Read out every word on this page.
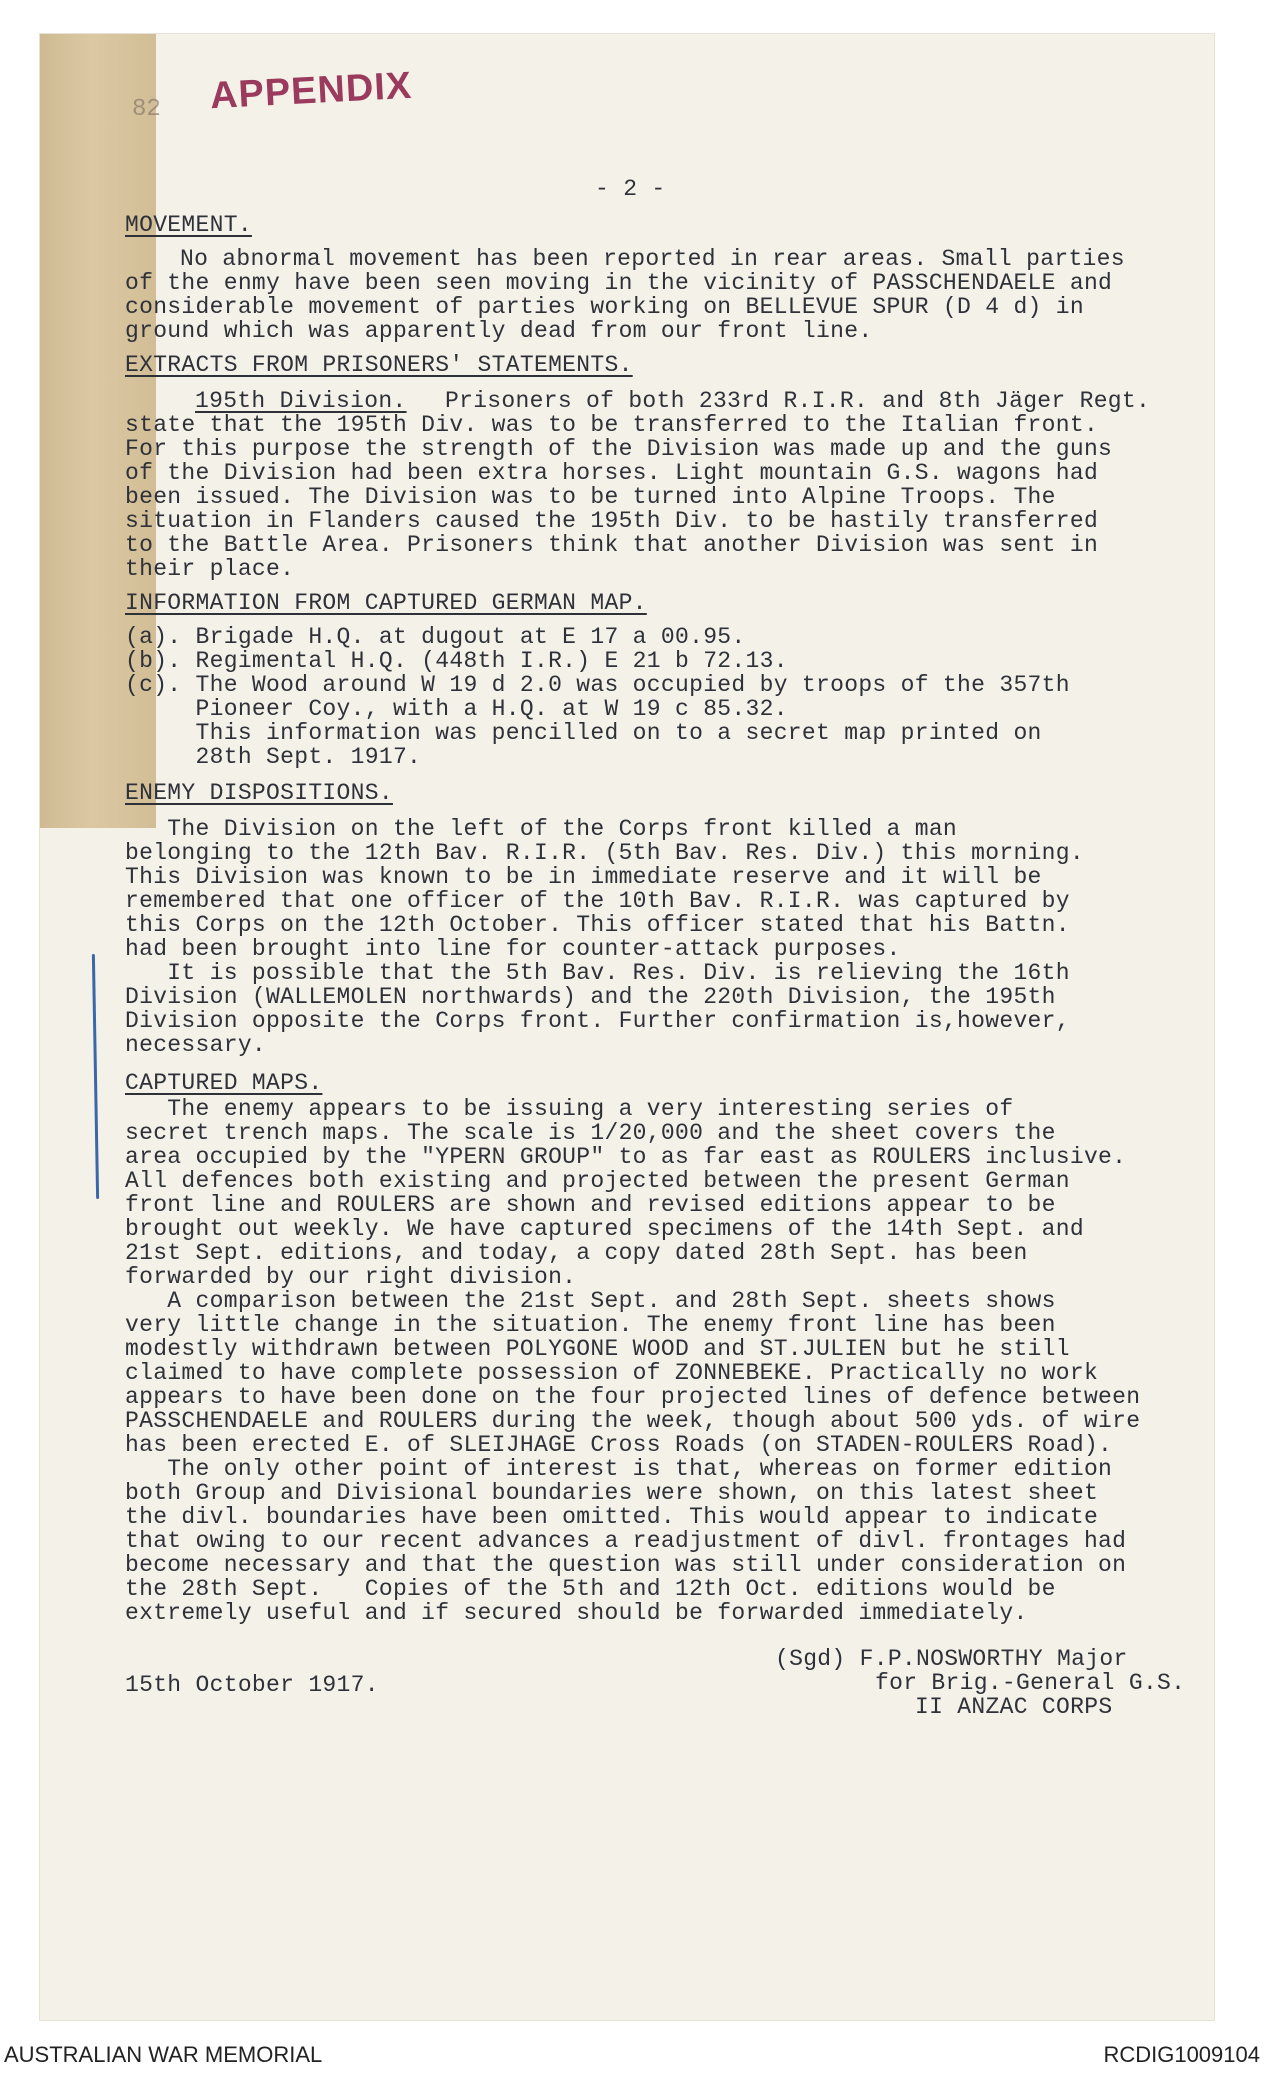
82 APPENDIX

- 2 -

MOVEMENT.

No abnormal movement has been reported in rear areas. Small parties

of the enmy have been seen moving in the vicinity of PASSCHENDAELE and

considerable movement of parties working on BELLEVUE SPUR (D 4 d) in

ground which was apparently dead from our front line.

EXTRACTS FROM PRISONERS' STATEMENTS.

195th Division.

Prisoners of both 233rd R.I.R. and 8th Jäger Regt.

state that the 195th Div. was to be transferred to the Italian front.

For this purpose the strength of the Division was made up and the guns

of the Division had been extra horses. Light mountain G.S. wagons had

been issued. The Division was to be turned into Alpine Troops. The

situation in Flanders caused the 195th Div. to be hastily transferred

to the Battle Area. Prisoners think that another Division was sent in

their place.

INFORMATION FROM CAPTURED GERMAN MAP.

(a). Brigade H.Q. at dugout at E 17 a 00.95.

(b). Regimental H.Q. (448th I.R.) E 21 b 72.13.

(c). The Wood around W 19 d 2.0 was occupied by troops of the 357th

Pioneer Coy., with a H.Q. at W 19 c 85.32.

This information was pencilled on to a secret map printed on

28th Sept. 1917.

ENEMY DISPOSITIONS.

The Division on the left of the Corps front killed a man

belonging to the 12th Bav. R.I.R. (5th Bav. Res. Div.) this morning.

This Division was known to be in immediate reserve and it will be

remembered that one officer of the 10th Bav. R.I.R. was captured by

this Corps on the 12th October. This officer stated that his Battn.

had been brought into line for counter-attack purposes.

It is possible that the 5th Bav. Res. Div. is relieving the 16th

Division (WALLEMOLEN northwards) and the 220th Division, the 195th

Division opposite the Corps front. Further confirmation is,however,

necessary.

CAPTURED MAPS.

The enemy appears to be issuing a very interesting series of

secret trench maps. The scale is 1/20,000 and the sheet covers the

area occupied by the "YPERN GROUP" to as far east as ROULERS inclusive.

All defences both existing and projected between the present German

front line and ROULERS are shown and revised editions appear to be

brought out weekly. We have captured specimens of the 14th Sept. and

21st Sept. editions, and today, a copy dated 28th Sept. has been

forwarded by our right division.

A comparison between the 21st Sept. and 28th Sept. sheets shows

very little change in the situation. The enemy front line has been

modestly withdrawn between POLYGONE WOOD and ST.JULIEN but he still

claimed to have complete possession of ZONNEBEKE. Practically no work

appears to have been done on the four projected lines of defence between

PASSCHENDAELE and ROULERS during the week, though about 500 yds. of wire

has been erected E. of SLEIJHAGE Cross Roads (on STADEN-ROULERS Road).

The only other point of interest is that, whereas on former edition

both Group and Divisional boundaries were shown, on this latest sheet

the divl. boundaries have been omitted. This would appear to indicate

that owing to our recent advances a readjustment of divl. frontages had

become necessary and that the question was still under consideration on

the 28th Sept.   Copies of the 5th and 12th Oct. editions would be

extremely useful and if secured should be forwarded immediately.

(Sgd) F.P.NOSWORTHY Major

for Brig.-General G.S.

II ANZAC CORPS

15th October 1917.

AUSTRALIAN WAR MEMORIAL	RCDIG1009104
